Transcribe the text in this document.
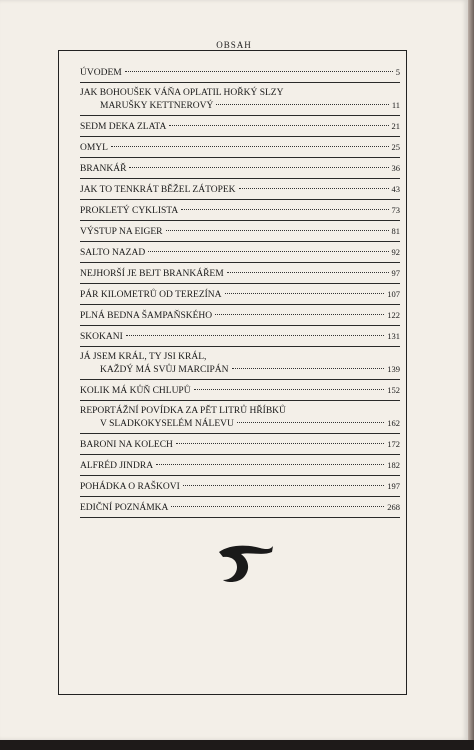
OBSAH
ÚVODEM	5
JAK BOHOUŠEK VÁŇA OPLATIL HOŘKÝ SLZY
MARUŠKY KETTNEROVÝ	11
SEDM DEKA ZLATA	21
OMYL	25
BRANKÁŘ	36
JAK TO TENKRÁT BĚŽEL ZÁTOPEK	43
PROKLETÝ CYKLISTA	73
VÝSTUP NA EIGER	81
SALTO NAZAD	92
NEJHORŠÍ JE BEJT BRANKÁŘEM	97
PÁR KILOMETRŮ OD TEREZÍNA	107
PLNÁ BEDNA ŠAMPAŇSKÉHO	122
SKOKANI	131
JÁ JSEM KRÁL, TY JSI KRÁL,
KAŽDÝ MÁ SVŮJ MARCIPÁN	139
KOLIK MÁ KŮŇ CHLUPŮ	152
REPORTÁŽNÍ POVÍDKA ZA PĚT LITRŮ HŘÍBKŮ
V SLADKOKYSELÉM NÁLEVU	162
BARONI NA KOLECH	172
ALFRÉD JINDRA	182
POHÁDKA O RAŠKOVI	197
EDIČNÍ POZNÁMKA	268
